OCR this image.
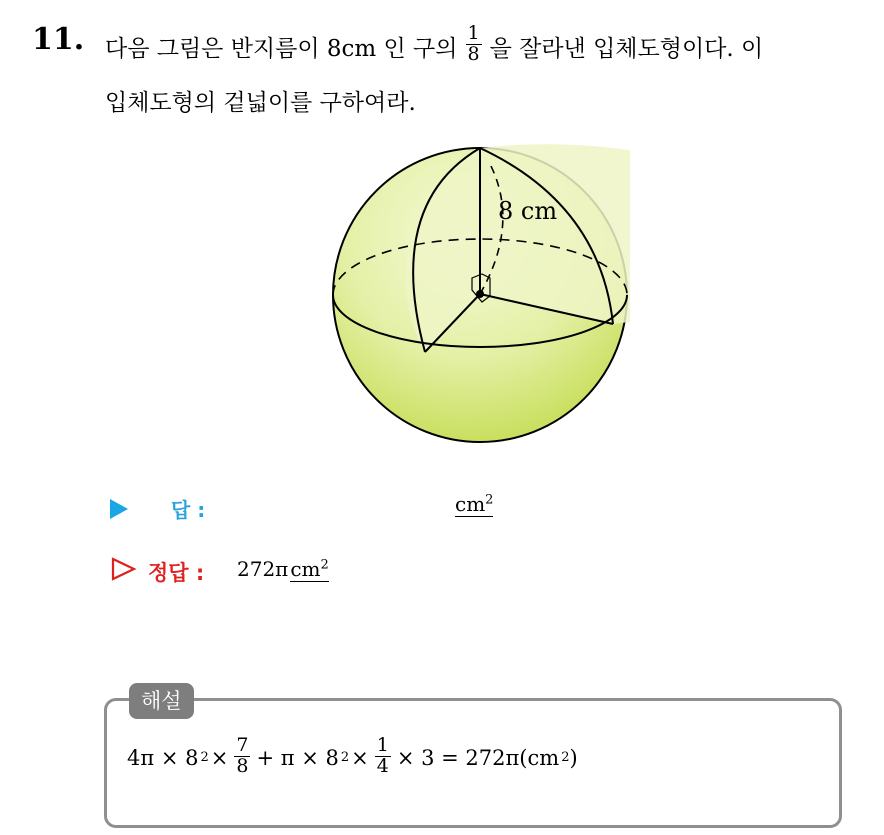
11. 다음 그림은 반지름이 8cm 인 구의 $\frac{1}{8}$ 을 잘라낸 입체도형이다. 이
입체도형의 겉넓이를 구하여라.
8 cm
답 :	$cm^2$
정답 : 272π $cm^2$
해설
4π × 8 $2 \times \frac{7}{8} + \pi \times 8$ $2 \times \frac{1}{4} \times 3 = 272\pi(cm$ 2 )
